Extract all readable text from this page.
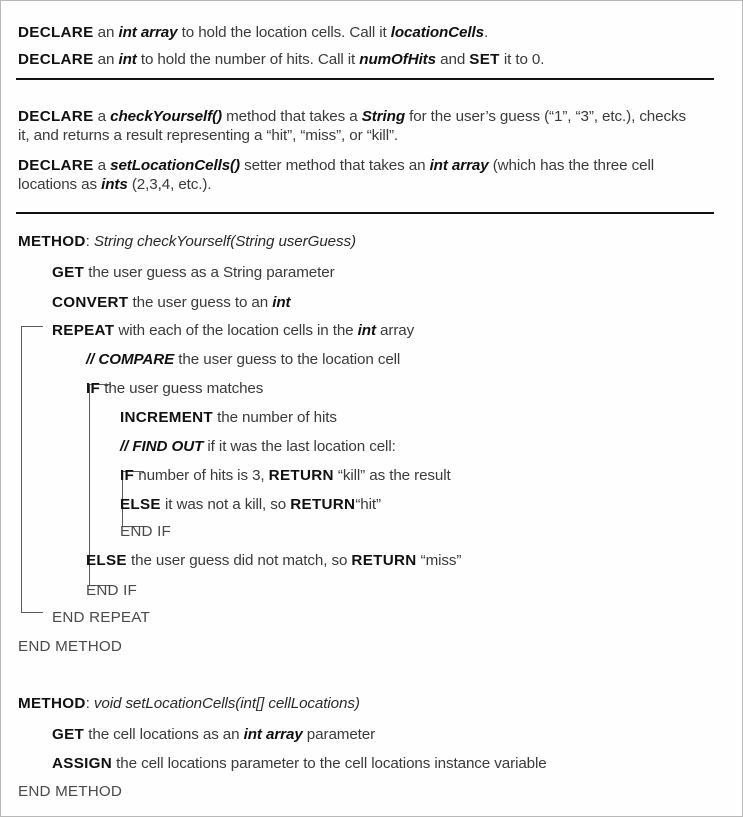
DECLARE an int array to hold the location cells. Call it locationCells.
DECLARE an int to hold the number of hits. Call it numOfHits and SET it to 0.
DECLARE a checkYourself() method that takes a String for the user’s guess (“1”, “3”, etc.), checks it, and returns a result representing a “hit”, “miss”, or “kill”.
DECLARE a setLocationCells() setter method that takes an int array (which has the three cell locations as ints (2,3,4, etc.).
METHOD: String checkYourself(String userGuess)
GET the user guess as a String parameter
CONVERT the user guess to an int
REPEAT with each of the location cells in the int array
// COMPARE the user guess to the location cell
IF the user guess matches
INCREMENT the number of hits
// FIND OUT if it was the last location cell:
IF number of hits is 3, RETURN “kill” as the result
ELSE it was not a kill, so RETURN“hit”
END IF
ELSE the user guess did not match, so RETURN “miss”
END IF
END REPEAT
END METHOD
METHOD: void setLocationCells(int[] cellLocations)
GET the cell locations as an int array parameter
ASSIGN the cell locations parameter to the cell locations instance variable
END METHOD
